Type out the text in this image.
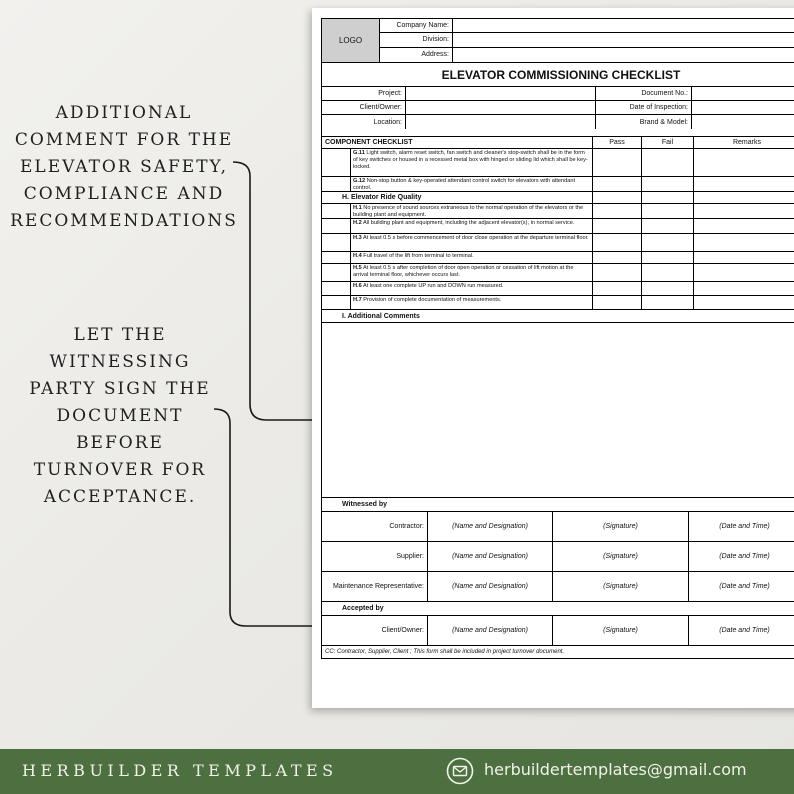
ADDITIONAL COMMENT FOR THE ELEVATOR SAFETY, COMPLIANCE AND RECOMMENDATIONS
LET THE WITNESSING PARTY SIGN THE DOCUMENT BEFORE TURNOVER FOR ACCEPTANCE.
LOGO
Company Name:
Division:
Address:
ELEVATOR COMMISSIONING CHECKLIST
Project:	Document No.:
Client/Owner:	Date of Inspection:
Location:	Brand & Model:
COMPONENT CHECKLIST	Pass	Fail	Remarks
G.11 Light switch, alarm reset switch, fan switch and cleaner's stop-switch shall be in the form of key switches or housed in a recessed metal box with hinged or sliding lid which shall be key-locked.
G.12 Non-stop button & key-operated attendant control switch for elevators with attendant control.
H. Elevator Ride Quality
H.1 No presence of sound sources extraneous to the normal operation of the elevators or the building plant and equipment.
H.2 All building plant and equipment, including the adjacent elevator(s), in normal service.
H.3 At least 0.5 s before commencement of door close operation at the departure terminal floor.
H.4 Full travel of the lift from terminal to terminal.
H.5 At least 0.5 s after completion of door open operation or cessation of lift motion at the arrival terminal floor, whichever occurs last.
H.6 At least one complete UP run and DOWN run measured.
H.7 Provision of complete documentation of measurements.
I. Additional Comments
Witnessed by
Contractor:	(Name and Designation)	(Signature)	(Date and Time)
Supplier:	(Name and Designation)	(Signature)	(Date and Time)
Maintenance Representative:	(Name and Designation)	(Signature)	(Date and Time)
Accepted by
Client/Owner:	(Name and Designation)	(Signature)	(Date and Time)
CC: Contractor, Supplier, Client ; This form shall be included in project turnover document.
HERBUILDER TEMPLATES	herbuildertemplates@gmail.com
